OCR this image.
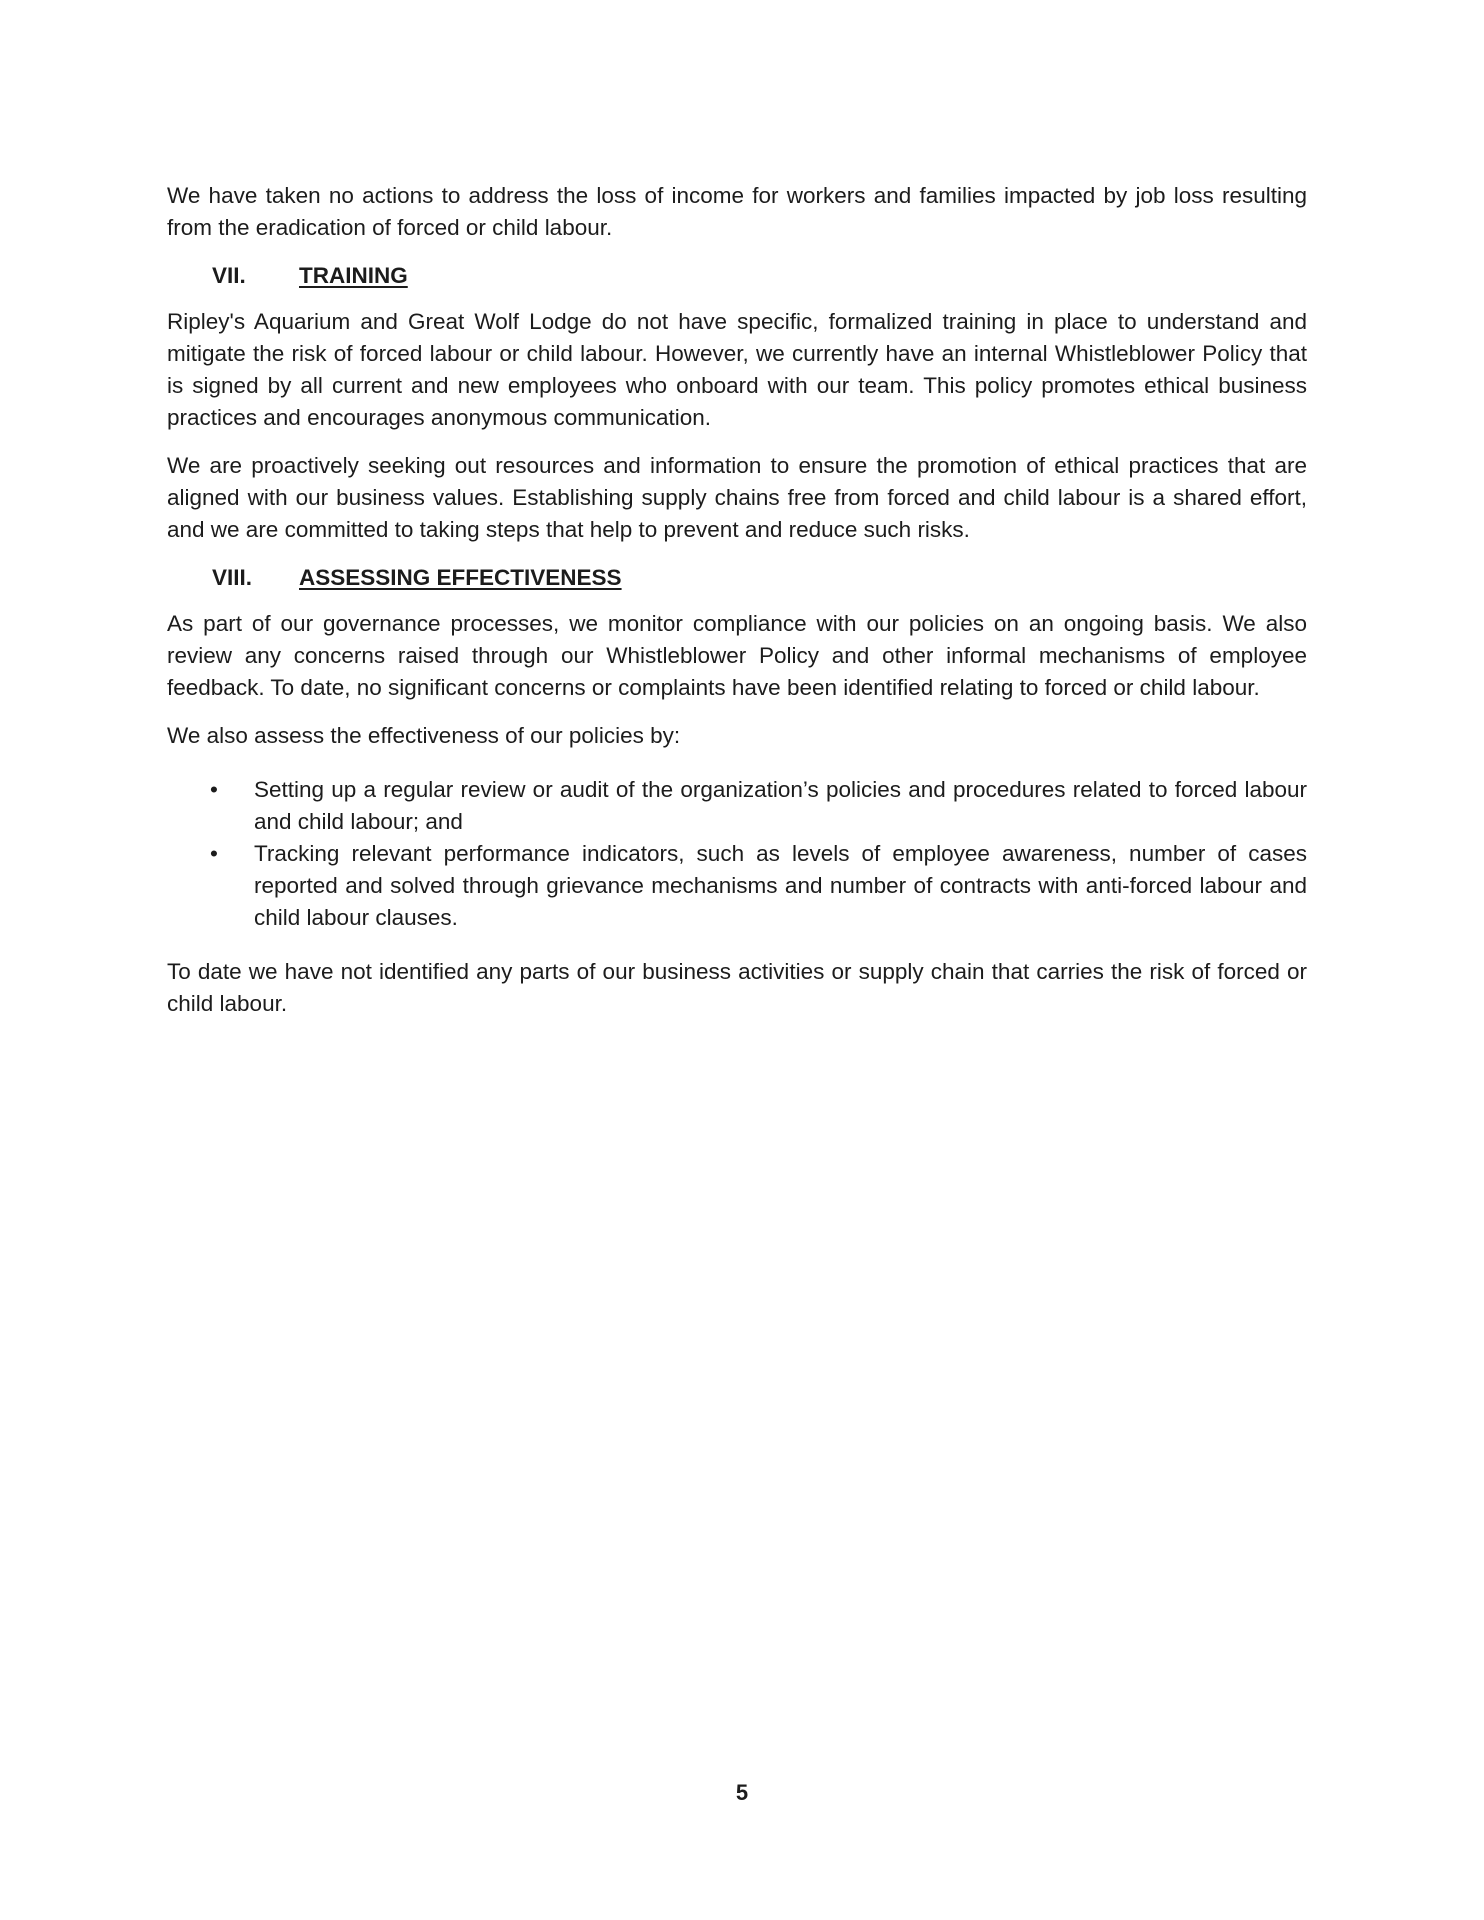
We have taken no actions to address the loss of income for workers and families impacted by job loss resulting from the eradication of forced or child labour.

VII.	TRAINING

Ripley's Aquarium and Great Wolf Lodge do not have specific, formalized training in place to understand and mitigate the risk of forced labour or child labour. However, we currently have an internal Whistleblower Policy that is signed by all current and new employees who onboard with our team. This policy promotes ethical business practices and encourages anonymous communication.

We are proactively seeking out resources and information to ensure the promotion of ethical practices that are aligned with our business values. Establishing supply chains free from forced and child labour is a shared effort, and we are committed to taking steps that help to prevent and reduce such risks.

VIII. ASSESSING EFFECTIVENESS

As part of our governance processes, we monitor compliance with our policies on an ongoing basis. We also review any concerns raised through our Whistleblower Policy and other informal mechanisms of employee feedback. To date, no significant concerns or complaints have been identified relating to forced or child labour.

We also assess the effectiveness of our policies by:

• Setting up a regular review or audit of the organization’s policies and procedures related to forced labour and child labour; and
• Tracking relevant performance indicators, such as levels of employee awareness, number of cases reported and solved through grievance mechanisms and number of contracts with anti-forced labour and child labour clauses.

To date we have not identified any parts of our business activities or supply chain that carries the risk of forced or child labour.

5
